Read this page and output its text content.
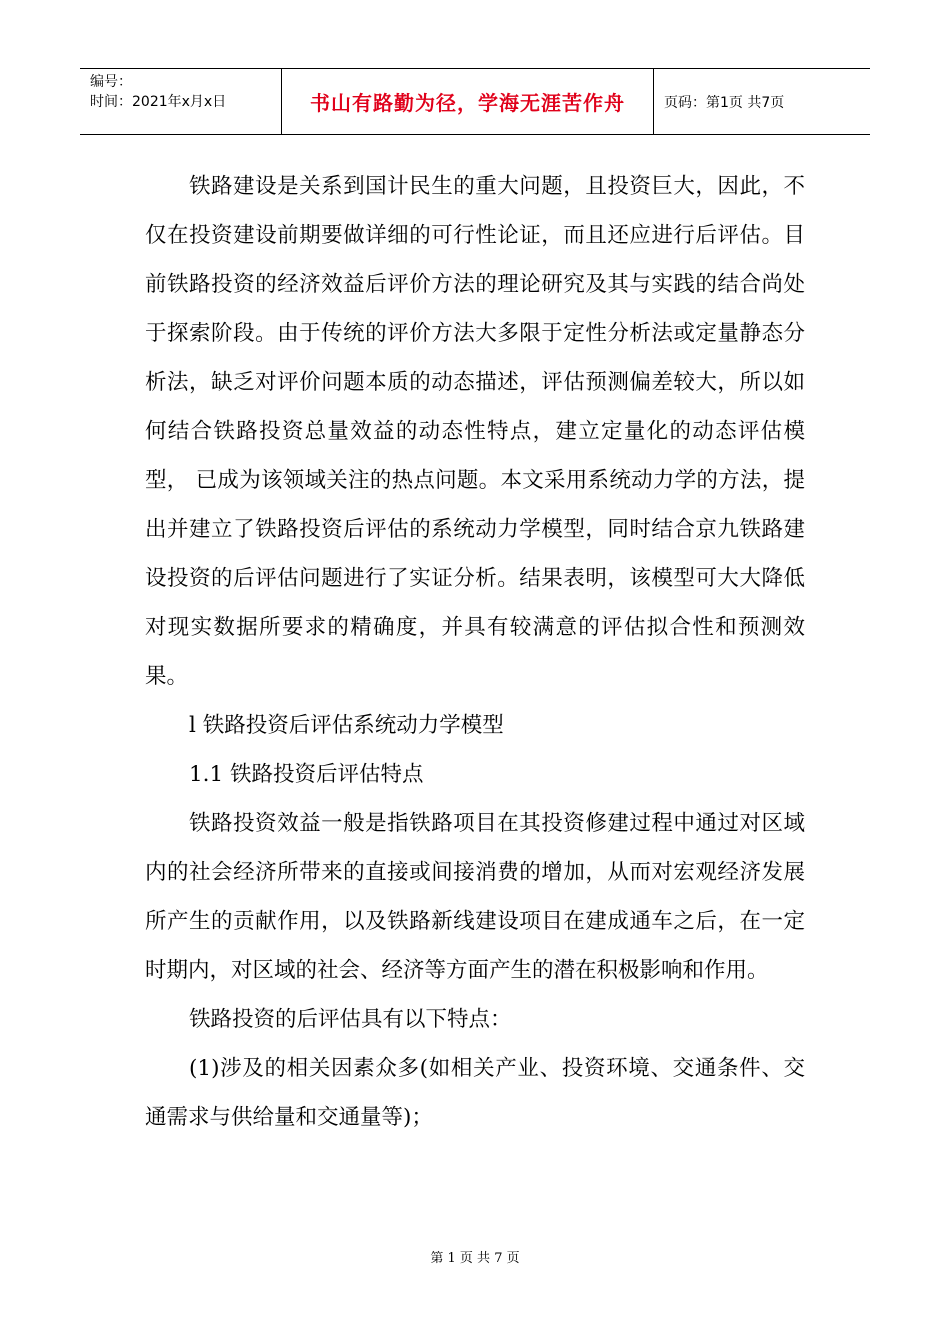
编号：
时间：2021年x月x日	书山有路勤为径，学海无涯苦作舟	页码：第1页 共7页

铁路建设是关系到国计民生的重大问题，且投资巨大，因此，不仅在投资建设前期要做详细的可行性论证，而且还应进行后评估。目前铁路投资的经济效益后评价方法的理论研究及其与实践的结合尚处于探索阶段。由于传统的评价方法大多限于定性分析法或定量静态分析法，缺乏对评价问题本质的动态描述，评估预测偏差较大，所以如何结合铁路投资总量效益的动态性特点，建立定量化的动态评估模型， 已成为该领域关注的热点问题。本文采用系统动力学的方法，提出并建立了铁路投资后评估的系统动力学模型，同时结合京九铁路建设投资的后评估问题进行了实证分析。结果表明，该模型可大大降低对现实数据所要求的精确度，并具有较满意的评估拟合性和预测效果。

l 铁路投资后评估系统动力学模型

1.1 铁路投资后评估特点

铁路投资效益一般是指铁路项目在其投资修建过程中通过对区域内的社会经济所带来的直接或间接消费的增加，从而对宏观经济发展所产生的贡献作用，以及铁路新线建设项目在建成通车之后，在一定时期内，对区域的社会、经济等方面产生的潜在积极影响和作用。

铁路投资的后评估具有以下特点：

(1)涉及的相关因素众多(如相关产业、投资环境、交通条件、交通需求与供给量和交通量等)；

第 1 页 共 7 页
